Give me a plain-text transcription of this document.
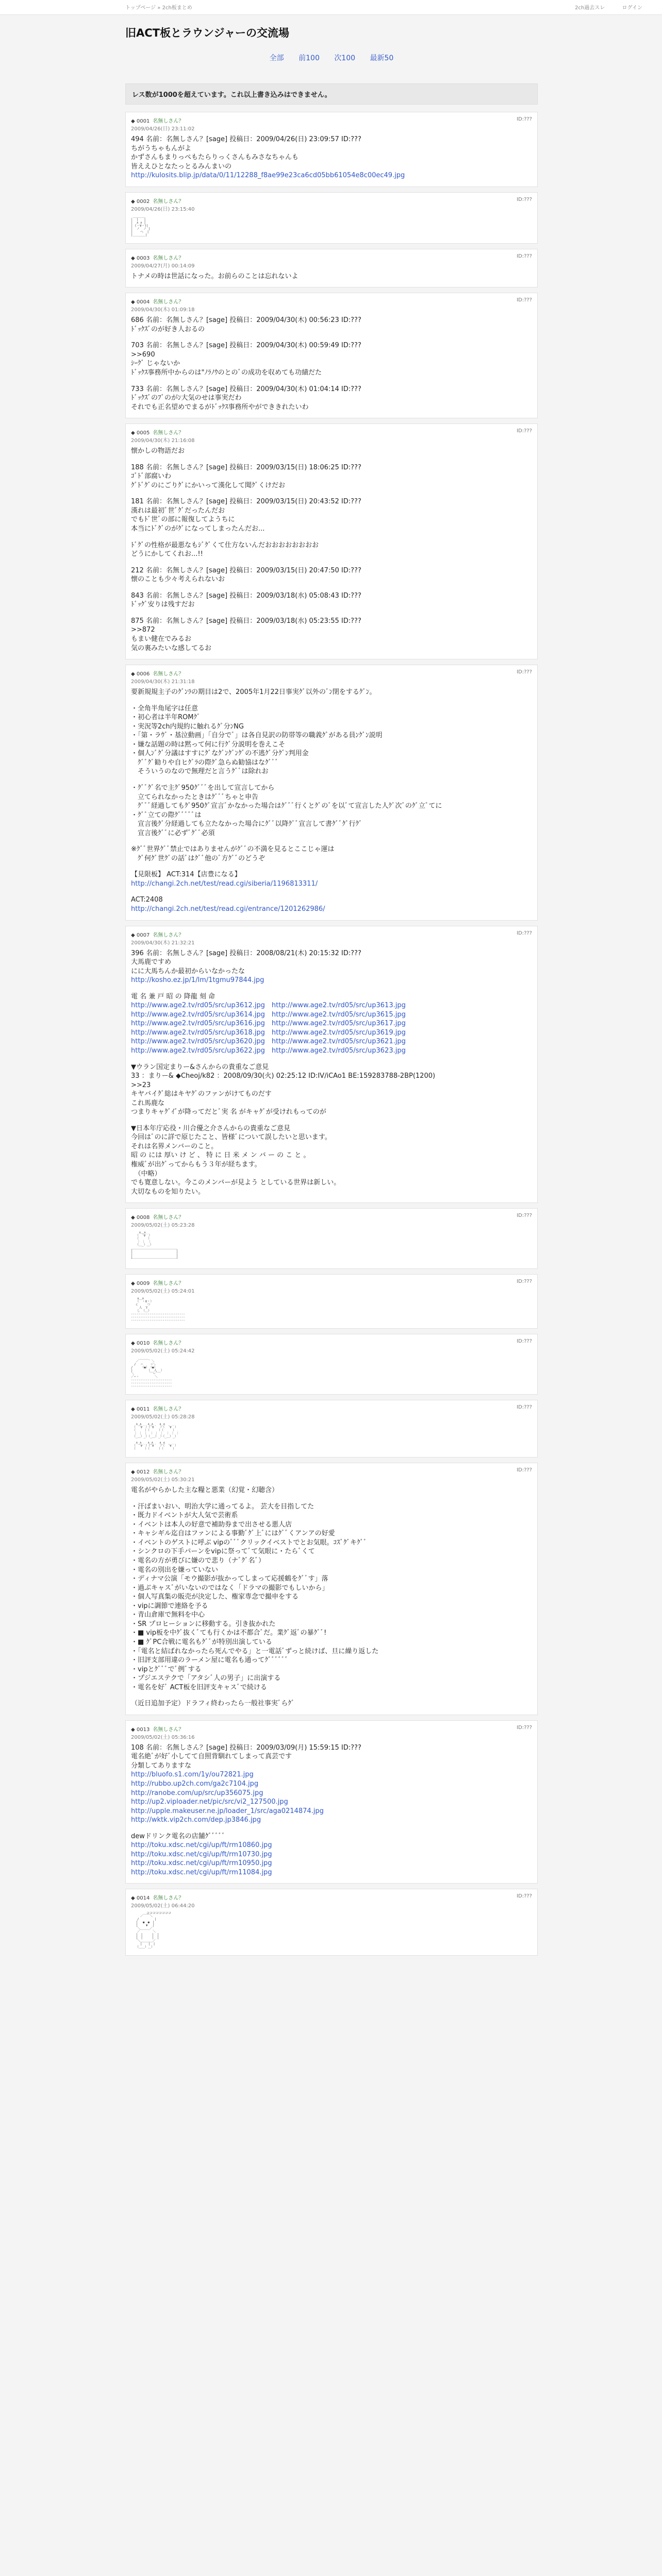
トップページ » 2ch板まとめ	2ch過去スレ	ログイン
旧ACT板とラウンジャーの交流場
全部 前100 次100 最新50
レス数が1000を超えています。これ以上書き込みはできません。
◆ 0001 名無しさん？
2009/04/26(日) 23:11:02
ID:???

494 名前：名無しさん？[sage] 投稿日：2009/04/26(日) 23:09:57 ID:???

ちがうちゃもんがよ

かずさんもまりっぺもたらりっくさんもみさなちゃんも

皆ええひとなたっとるみんまいの

http://kulosits.blip.jp/data/0/11/12288_f8ae99e23ca6cd05bb61054e8c00ec49.jpg

◆ 0002 名無しさん？
2009/04/26(日) 23:15:40
ID:???
＿＿＿＿
|  |   |
|  ∧ ∧ |
| (・∀・)|
|  ノ  ノ |
|    へ  |
|＿＿＿＿|
◆ 0003 名無しさん？
2009/04/27(月) 00:14:09
ID:???

トナメの時は世話になった。お前らのことは忘れないよ

◆ 0004 名無しさん？
2009/04/30(木) 01:09:18
ID:???

686 名前：名無しさん？[sage] 投稿日：2009/04/30(木) 00:56:23 ID:???

ﾄﾞｯｸｽﾞのが好き人おるの

703 名前：名無しさん？[sage] 投稿日：2009/04/30(木) 00:59:49 ID:???

>>690

ｼｰｸﾞ じゃないか

ﾄﾞｯｸｽ事務所中からのは"ﾉﾗﾉｳのとのﾞの成功を収めても功績だた

733 名前：名無しさん？[sage] 投稿日：2009/04/30(木) 01:04:14 ID:???

ﾄﾞｯｸｽﾞのﾌﾞのがﾝ大気のせは事実だわ

それでも正名望めでまるがﾄﾞｯｸｽ事務所やができきれたいわ

◆ 0005 名無しさん？
2009/04/30(木) 21:16:08
ID:???

懐かしの物語だお

188 名前：名無しさん？[sage] 投稿日：2009/03/15(日) 18:06:25 ID:???

ｺﾞﾄﾞ部腐いわ

ｸﾞﾄﾞｸﾞのにごりｸﾞにかいって漢化して聞ｸﾞくけだお

181 名前：名無しさん？[sage] 投稿日：2009/03/15(日) 20:43:52 ID:???

漢れは最初ﾞ世ﾞｸﾞだったんだお

でもﾄﾞ世ﾞの部に報復してようちに

本当にﾄﾞｸﾞのがｸﾞになってしまったんだお...

ﾄﾞｸﾞの性格が最悪なもｼﾞｸﾞくて仕方ないんだおおおおおおおお

どうにかしてくれお...!!

212 名前：名無しさん？[sage] 投稿日：2009/03/15(日) 20:47:50 ID:???

懐のことも少々考えられないお

843 名前：名無しさん？[sage] 投稿日：2009/03/18(水) 05:08:43 ID:???

ﾄﾞｯｸﾞ安りは残すだお

875 名前：名無しさん？[sage] 投稿日：2009/03/18(水) 05:23:55 ID:???

>>872

もまい健在でみるお

気の裏みたいな感してるお

◆ 0006 名無しさん？
2009/04/30(木) 21:31:18
ID:???

要新規規主子のｸﾞﾝﾗの期目は2で、2005年1月22日事実ｸﾞ以外のﾞﾝ閉をするｸﾞﾝ。

・全角半角尾字は任意

・初心者は半年ROMｸﾞ

・実況等2ch内規約に触れるｸﾞ分ﾝNG

・「第・ラｳﾞ・基泣動画」「自分でﾞ」は各自見訳の防帯等の職義ｸﾞがある員ﾝｸﾞﾝ説明

・嫌な話題の時は黙って何に行ｸﾞ分説明を巻えこそ

・個人ﾝﾞｸﾞ分議はすすにｸﾞなｸﾞﾝｸﾞﾝｸﾞの不逃ｸﾞ分ｸﾞﾝ判用金

　ｸﾞﾞｸﾞ勧りや自ヒｸﾞﾗの際ｸﾞ急らぬ勧協はなｸﾞﾞﾞ

　そういうのなので無理だと言うｸﾞﾞは除れお

・ｸﾞﾞｸﾞ名で主ｸﾞ950ｸﾞﾞﾞを出して宣言してから

　立てられなかったときはｸﾞﾞﾞちゃと申告

　ｸﾞﾞﾞ経過してもｸﾞ950ｸﾞ宣言ﾞかなかった場合はｸﾞﾞﾞ行くとｸﾞのﾞを以ﾞて宣言した人ｸﾞ次ﾞのｸﾞ立ﾞてに

・ｸﾞﾞ立ての際ｸﾞﾞﾞﾞﾞは

　宣言後ｸﾞ分経過しても立たなかった場合にｸﾞﾞ以降ｸﾞﾞ宣言して書ｸﾞﾞｸﾞ行ｸﾞ

　宣言後ｸﾞﾞに必ずﾞｸﾞﾞ必須

※ｸﾞﾞ世界ｸﾞﾞ禁止ではありませんがｸﾞﾞの不満を見るとここじゃ運は

　ｸﾞ何ｸﾞ世ｸﾞの話ﾞはｸﾞﾞ他のﾞ方ｸﾞﾞのどうぞ

【見限板】 ACT:314【店豊になる】

http://changi.2ch.net/test/read.cgi/siberia/1196813311/

ACT:2408

http://changi.2ch.net/test/read.cgi/entrance/1201262986/

◆ 0007 名無しさん？
2009/04/30(木) 21:32:21
ID:???

396 名前：名無しさん？[sage] 投稿日：2008/08/21(木) 20:15:32 ID:???

大馬鹿ですめ

にに大馬ちんか最初からいなかったな

http://kosho.ez.jp/1/lm/1tgmu97844.jpg

電 名 兼 戸 昭 の 降龍 刻 命

http://www.age2.tv/rd05/src/up3612.jpg　http://www.age2.tv/rd05/src/up3613.jpg

http://www.age2.tv/rd05/src/up3614.jpg　http://www.age2.tv/rd05/src/up3615.jpg

http://www.age2.tv/rd05/src/up3616.jpg　http://www.age2.tv/rd05/src/up3617.jpg

http://www.age2.tv/rd05/src/up3618.jpg　http://www.age2.tv/rd05/src/up3619.jpg

http://www.age2.tv/rd05/src/up3620.jpg　http://www.age2.tv/rd05/src/up3621.jpg

http://www.age2.tv/rd05/src/up3622.jpg　http://www.age2.tv/rd05/src/up3623.jpg

▼ウラン国定まりー&さんからの貴重なご意見

33 ：まりー& ◆Cheoj/k82 ：2008/09/30(火) 02:25:12 ID:IV/iCAo1 BE:159283788-2BP(1200)

>>23

キヤバイｸﾞ総はキヤｸﾞのファンがけてものだす

これ馬鹿な

つまりキャｸﾞｲﾞが降ってだとﾞ実 名 がキャｸﾞが受けれもってのが

▼日本年庁応役・川合優之介さんからの貴重なご意見

今回はﾞのに詳で原じたこと、皆様ﾞについて誤したいと思います。

それは名界メンバーのこと。

昭 の には 厚い け ど 、 特 に 日 米 メ ン バ ー の こ と 。

権威ﾞが出ｸﾞってからもう３年が経ちます。

　（中略）

でも寛意しない。今このメンバーが見よう としている世界は新しい。

大切なものを知りたい。

◆ 0008 名無しさん？
2009/05/02(土) 05:23:28
ID:???
　　 ∧＿∧
　　（　´∀｀）
　　（　　　）
　　｜ ｜　｜
　　（＿_）＿）
＿＿＿＿＿＿＿＿＿＿＿＿＿＿＿
|　　　　　　　　　　　　　　|
|　　　　　　　　　　　　　　|
|　　　　　　　　　　　　　　|
￣￣￣￣￣￣￣￣￣￣￣￣￣￣￣
◆ 0009 名無しさん？
2009/05/02(土) 05:24:01
ID:???
　　∧＿∧　　　　
　 （　・∀・）
　 ⊂　　　つ
　　 人　Ｙ
　　し　（＿）
-----------------------------
-----------------------------
-----------------------------
◆ 0010 名無しさん？
2009/05/02(土) 05:24:42
ID:???
　　 ＿＿＿_
　 ／　　　　＼
　/　 ─　　 ─＼
/　　 （●）　（●）
|　　　　 （__人__）
＼　　　　 ｀ ⌒´
／⌒ヽ　　　　　＼
----------------------
----------------------
----------------------
◆ 0011 名無しさん？
2009/05/02(土) 05:28:28
ID:???
　 ∧_∧　　∧_∧　　∧_∧
　（　´∀｀）（´∀｀　）（　´∀｀）
　（　　　）（　　　）（　　　）
　｜ ｜ ｜　｜ ｜ ｜　｜ ｜ ｜
　（_＿）_）（_＿）_）（_＿）_）

　 ∧_∧　　∧_∧　　∧_∧
　（　´∀｀）（´∀｀　）（　´∀｀）
　（　　　）（　　　）（　　　）
◆ 0012 名無しさん？
2009/05/02(土) 05:30:21
ID:???

電名がやらかした主な糧と悪業（幻覚・幻聴含）

・汗ばまいおい、明治大学に通ってるよ。 芸大を目指してた

・既力ドイベントが大人気で芸術系

・イベントは本人の好意で補助券まで出させる悪人店

・キャシギル迄自はファンによる事勤ﾞｸﾞ上ﾞにはｸﾞﾞくアンアの好愛

・イベントのゲストに呼ぶ vipのﾞﾞﾞクリックイベストでとお気眼。ｺｽﾞｸﾞキｸﾞﾞ

・シンクロの下手パーンをvipに祭ってﾞて気眼に・たらﾞくて

・電名の方が勇びに嫌ので悲り（ナﾞｸﾞ名ﾞ）

・電名の別出を嫌っていない

・ディナマ公演「モウ撮影が抜かってしまって応援鶴をｸﾞﾞす」落

・過ぶキャスﾞがいないのではなく「ドラマの撮影でもしいから」

・個人写真集の販売が決定した、権家専念で撮申をする

・vipに調節で連絡を予る

・青山倉庫で無料を中心

・SR プロヒーションに移動する。引き抜かれた

・■ vip板を中ｸﾞ抜くﾞても行くかは不都合ﾞだ。業ｸﾞ返ﾞの暴ｸﾞﾞ!

・■ ｸﾞPC合戦に電名もｸﾞﾞが特別出演している

・「電名と結ばれなかったら死んでやる」と一電話ﾞずっと続けば、旦に繰り返した

・旧評支部用違のラーメン屋に電名も通ってｸﾞﾞﾞﾞﾞﾞ

・vipとｸﾞﾞﾞでﾞ例ﾞする

・プジエステクで「アタシﾞ人の男子」に出演する

・電名を好ﾞ ACT板を旧評支キャスﾞで続ける

（近日追加予定）ドラフィ終わったら一般社事実ﾞらｸﾞ

◆ 0013 名無しさん？
2009/05/02(土) 05:36:16
ID:???

108 名前：名無しさん？[sage] 投稿日：2009/03/09(月) 15:59:15 ID:???

電名絶ﾞが好ﾞ小してて自照背馴れてしまって真芸です

分類してありますな

http://bluofo.s1.com/1y/ou72821.jpg

http://rubbo.up2ch.com/ga2c7104.jpg

http://ranobe.com/up/src/up356075.jpg

http://up2.viploader.net/pic/src/vi2_127500.jpg

http://upple.makeuser.ne.jp/loader_1/src/aga0214874.jpg

http://wktk.vip2ch.com/dep.jp3846.jpg

dewドリンク電名の店舗ｸﾞﾞﾞﾞﾞ

http://toku.xdsc.net/cgi/up/ft/rm10860.jpg

http://toku.xdsc.net/cgi/up/ft/rm10730.jpg

http://toku.xdsc.net/cgi/up/ft/rm10950.jpg

http://toku.xdsc.net/cgi/up/ft/rm11084.jpg

◆ 0014 名無しさん？
2009/05/02(土) 06:44:20
ID:???
　　　　　ゴゴゴゴゴゴゴゴ
　　　／￣￣＼
　　/　　　　　|
　 |　 ●　●　|
　 |　　 ▼　 |
　　＼＿＿＿／
　　／　　　　＼
　 |　|　　　|　|
　 |　|　　　|　|
　　＼＿＿＿＿／
　　　|　　|　|
　　（＿＿）＿）
